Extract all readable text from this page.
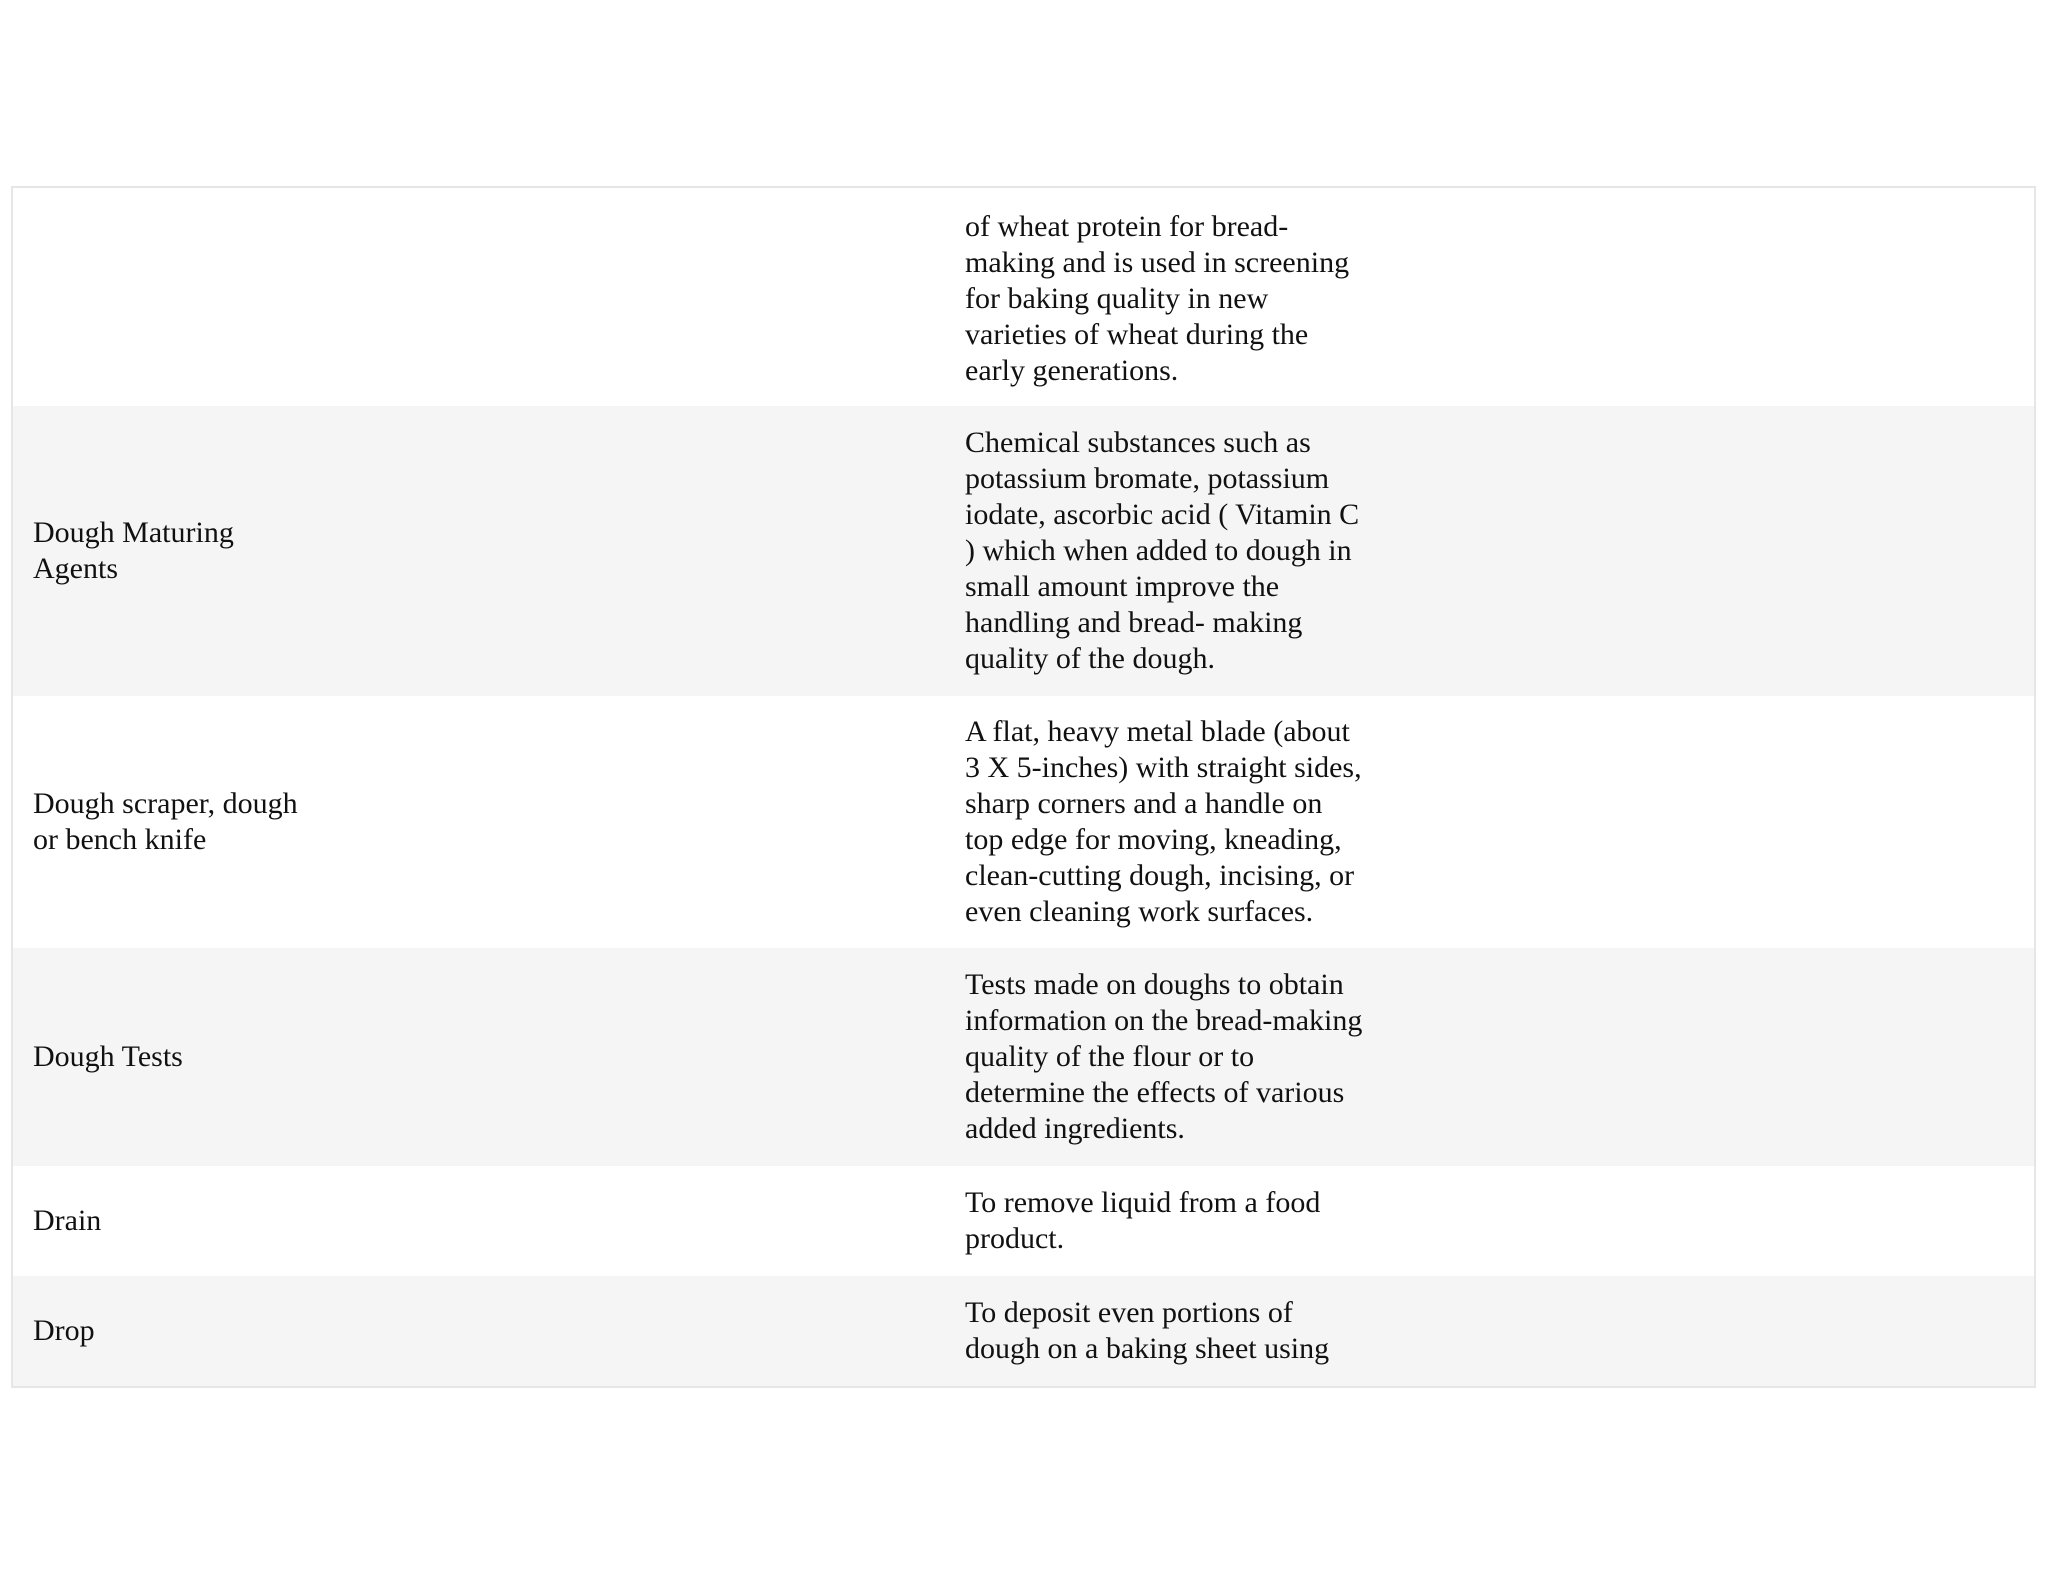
of wheat protein for bread-
making and is used in screening
for baking quality in new
varieties of wheat during the
early generations.
Dough Maturing
Agents
Chemical substances such as
potassium bromate, potassium
iodate, ascorbic acid ( Vitamin C
) which when added to dough in
small amount improve the
handling and bread- making
quality of the dough.
Dough scraper, dough
or bench knife
A flat, heavy metal blade (about
3 X 5-inches) with straight sides,
sharp corners and a handle on
top edge for moving, kneading,
clean-cutting dough, incising, or
even cleaning work surfaces.
Dough Tests
Tests made on doughs to obtain
information on the bread-making
quality of the flour or to
determine the effects of various
added ingredients.
Drain
To remove liquid from a food
product.
Drop
To deposit even portions of
dough on a baking sheet using
